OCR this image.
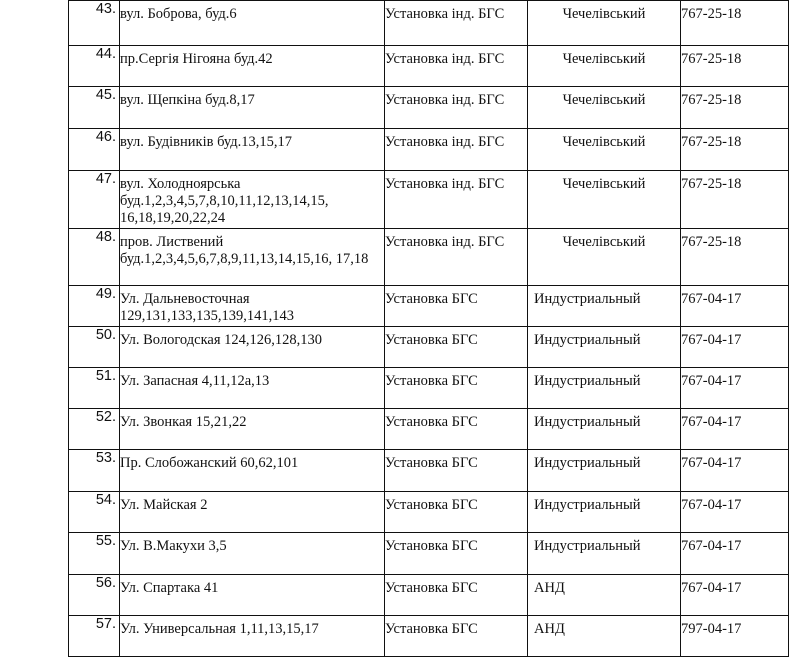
43.	вул. Боброва, буд.6	Установка інд. БГС	Чечелівський	767-25-18

44.	пр.Сергія Нігояна буд.42	Установка інд. БГС	Чечелівський	767-25-18

45.	вул. Щепкіна буд.8,17	Установка інд. БГС	Чечелівський	767-25-18

46.	вул. Будівників буд.13,15,17	Установка інд. БГС	Чечелівський	767-25-18

47.	вул. Холодноярська буд.1,2,3,4,5,7,8,10,11,12,13,14,15, 16,18,19,20,22,24	Установка інд. БГС	Чечелівський	767-25-18

48.	пров. Листвений буд.1,2,3,4,5,6,7,8,9,11,13,14,15,16, 17,18	Установка інд. БГС	Чечелівський	767-25-18

49.	Ул. Дальневосточная 129,131,133,135,139,141,143	Установка БГС	Индустриальный	767-04-17

50.	Ул. Вологодская 124,126,128,130	Установка БГС	Индустриальный	767-04-17

51.	Ул. Запасная 4,11,12а,13	Установка БГС	Индустриальный	767-04-17

52.	Ул. Звонкая 15,21,22	Установка БГС	Индустриальный	767-04-17

53.	Пр. Слобожанский 60,62,101	Установка БГС	Индустриальный	767-04-17

54.	Ул. Майская 2	Установка БГС	Индустриальный	767-04-17

55.	Ул. В.Макухи 3,5	Установка БГС	Индустриальный	767-04-17

56.	Ул. Спартака 41	Установка БГС	АНД	767-04-17

57.	Ул. Универсальная 1,11,13,15,17	Установка БГС	АНД	797-04-17
